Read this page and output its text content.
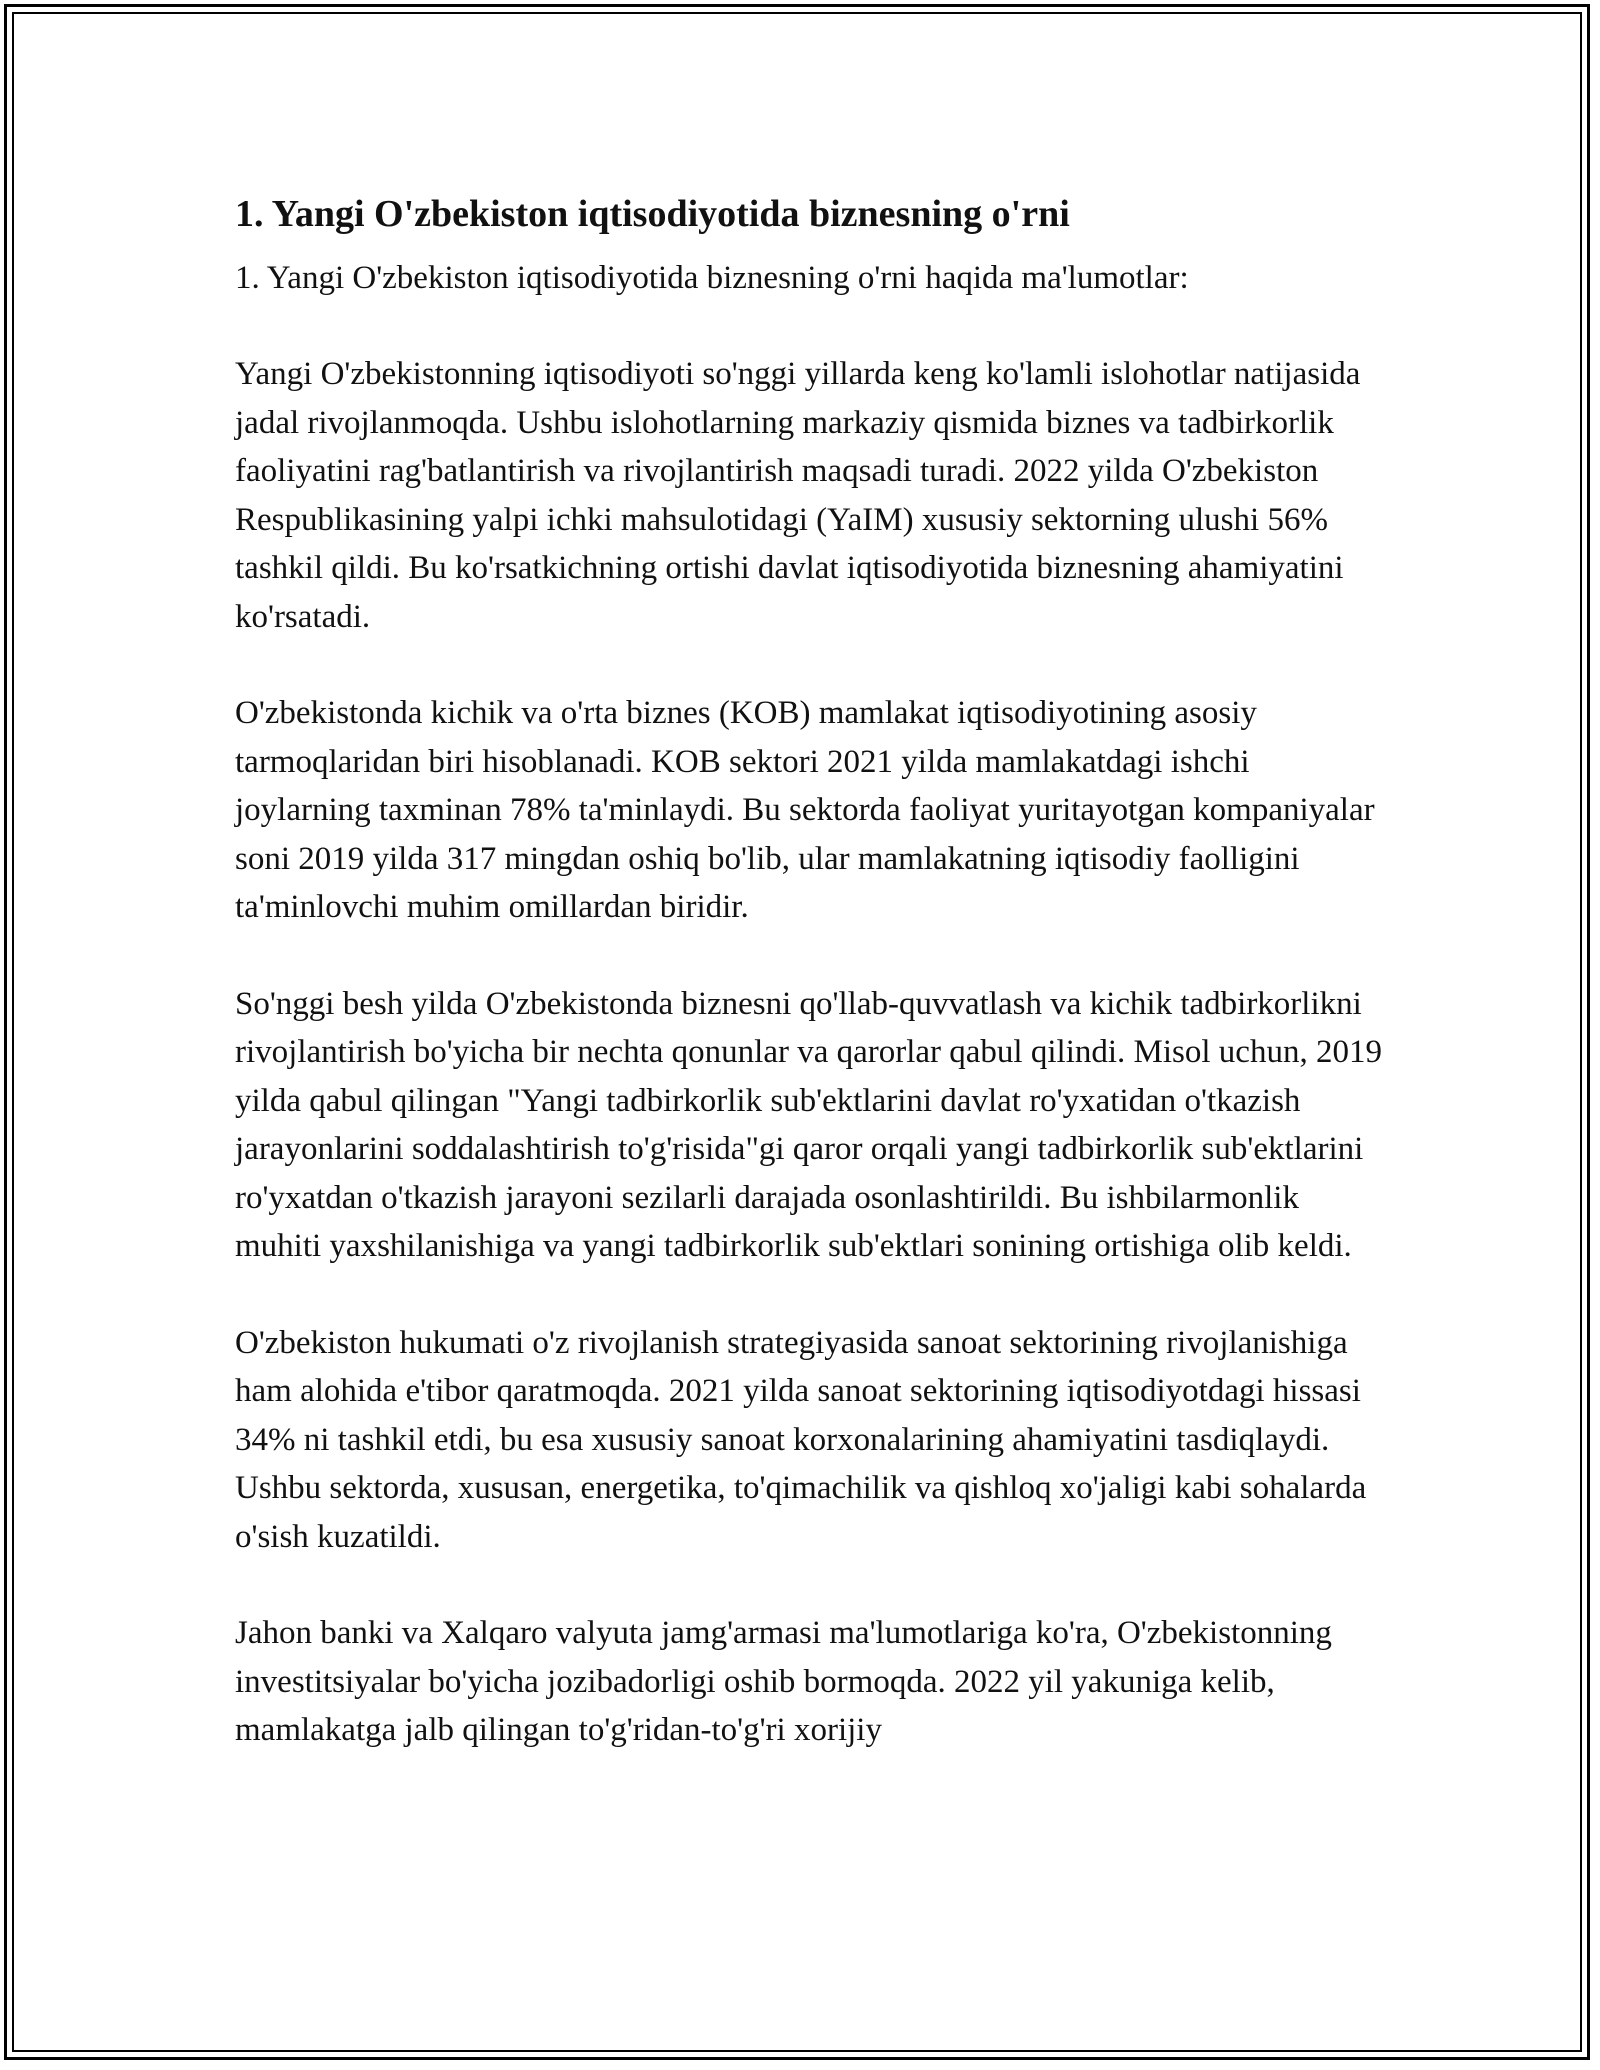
1. Yangi O'zbekiston iqtisodiyotida biznesning o'rni

1. Yangi O'zbekiston iqtisodiyotida biznesning o'rni haqida ma'lumotlar:

Yangi O'zbekistonning iqtisodiyoti so'nggi yillarda keng ko'lamli islohotlar natijasida jadal rivojlanmoqda. Ushbu islohotlarning markaziy qismida biznes va tadbirkorlik faoliyatini rag'batlantirish va rivojlantirish maqsadi turadi. 2022 yilda O'zbekiston Respublikasining yalpi ichki mahsulotidagi (YaIM) xususiy sektorning ulushi 56% tashkil qildi. Bu ko'rsatkichning ortishi davlat iqtisodiyotida biznesning ahamiyatini ko'rsatadi.

O'zbekistonda kichik va o'rta biznes (KOB) mamlakat iqtisodiyotining asosiy tarmoqlaridan biri hisoblanadi. KOB sektori 2021 yilda mamlakatdagi ishchi joylarning taxminan 78% ta'minlaydi. Bu sektorda faoliyat yuritayotgan kompaniyalar soni 2019 yilda 317 mingdan oshiq bo'lib, ular mamlakatning iqtisodiy faolligini ta'minlovchi muhim omillardan biridir.

So'nggi besh yilda O'zbekistonda biznesni qo'llab-quvvatlash va kichik tadbirkorlikni rivojlantirish bo'yicha bir nechta qonunlar va qarorlar qabul qilindi. Misol uchun, 2019 yilda qabul qilingan "Yangi tadbirkorlik sub'ektlarini davlat ro'yxatidan o'tkazish jarayonlarini soddalashtirish to'g'risida"gi qaror orqali yangi tadbirkorlik sub'ektlarini ro'yxatdan o'tkazish jarayoni sezilarli darajada osonlashtirildi. Bu ishbilarmonlik muhiti yaxshilanishiga va yangi tadbirkorlik sub'ektlari sonining ortishiga olib keldi.

O'zbekiston hukumati o'z rivojlanish strategiyasida sanoat sektorining rivojlanishiga ham alohida e'tibor qaratmoqda. 2021 yilda sanoat sektorining iqtisodiyotdagi hissasi 34% ni tashkil etdi, bu esa xususiy sanoat korxonalarining ahamiyatini tasdiqlaydi. Ushbu sektorda, xususan, energetika, to'qimachilik va qishloq xo'jaligi kabi sohalarda o'sish kuzatildi.

Jahon banki va Xalqaro valyuta jamg'armasi ma'lumotlariga ko'ra, O'zbekistonning investitsiyalar bo'yicha jozibadorligi oshib bormoqda. 2022 yil yakuniga kelib, mamlakatga jalb qilingan to'g'ridan-to'g'ri xorijiy
